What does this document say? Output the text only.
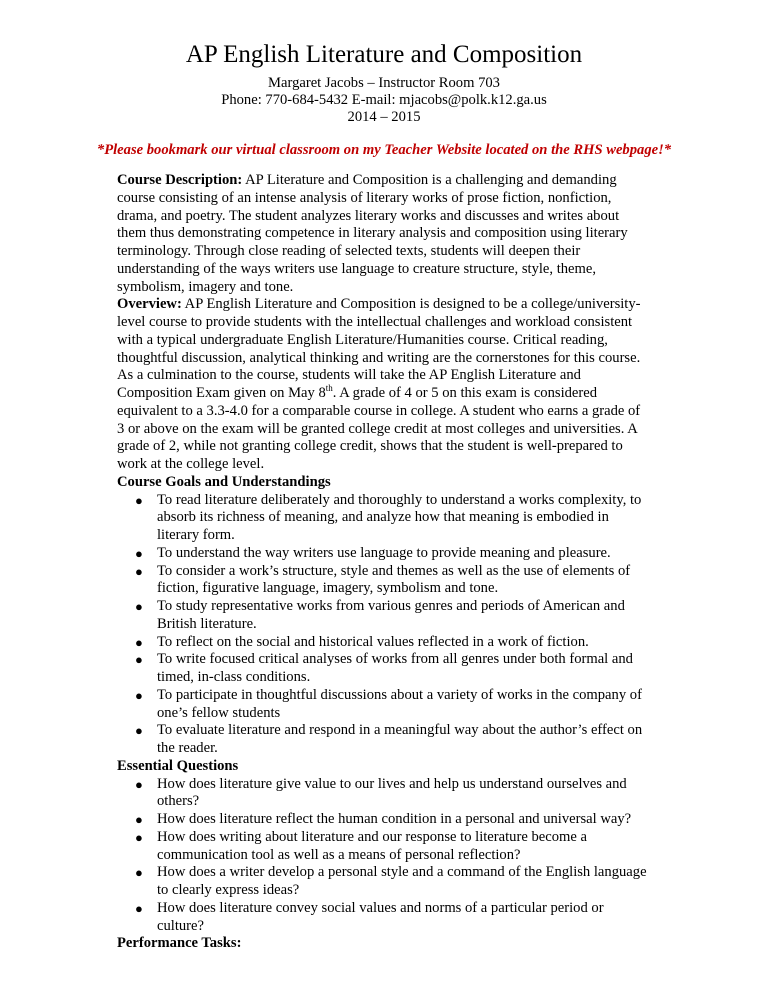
AP English Literature and Composition
Margaret Jacobs – Instructor Room 703
Phone: 770-684-5432 E-mail: mjacobs@polk.k12.ga.us
2014 – 2015
*Please bookmark our virtual classroom on my Teacher Website located on the RHS webpage!*

Course Description: AP Literature and Composition is a challenging and demanding course consisting of an intense analysis of literary works of prose fiction, nonfiction, drama, and poetry. The student analyzes literary works and discusses and writes about them thus demonstrating competence in literary analysis and composition using literary terminology. Through close reading of selected texts, students will deepen their understanding of the ways writers use language to creature structure, style, theme, symbolism, imagery and tone.

Overview: AP English Literature and Composition is designed to be a college/university-level course to provide students with the intellectual challenges and workload consistent with a typical undergraduate English Literature/Humanities course. Critical reading, thoughtful discussion, analytical thinking and writing are the cornerstones for this course. As a culmination to the course, students will take the AP English Literature and Composition Exam given on May 8th. A grade of 4 or 5 on this exam is considered equivalent to a 3.3-4.0 for a comparable course in college. A student who earns a grade of 3 or above on the exam will be granted college credit at most colleges and universities. A grade of 2, while not granting college credit, shows that the student is well-prepared to work at the college level.

Course Goals and Understandings

● To read literature deliberately and thoroughly to understand a works complexity, to absorb its richness of meaning, and analyze how that meaning is embodied in literary form.
● To understand the way writers use language to provide meaning and pleasure.
● To consider a work’s structure, style and themes as well as the use of elements of fiction, figurative language, imagery, symbolism and tone.
● To study representative works from various genres and periods of American and British literature.
● To reflect on the social and historical values reflected in a work of fiction.
● To write focused critical analyses of works from all genres under both formal and timed, in-class conditions.
● To participate in thoughtful discussions about a variety of works in the company of one’s fellow students
● To evaluate literature and respond in a meaningful way about the author’s effect on the reader.

Essential Questions

● How does literature give value to our lives and help us understand ourselves and others?
● How does literature reflect the human condition in a personal and universal way?
● How does writing about literature and our response to literature become a communication tool as well as a means of personal reflection?
● How does a writer develop a personal style and a command of the English language to clearly express ideas?
● How does literature convey social values and norms of a particular period or culture?

Performance Tasks:
